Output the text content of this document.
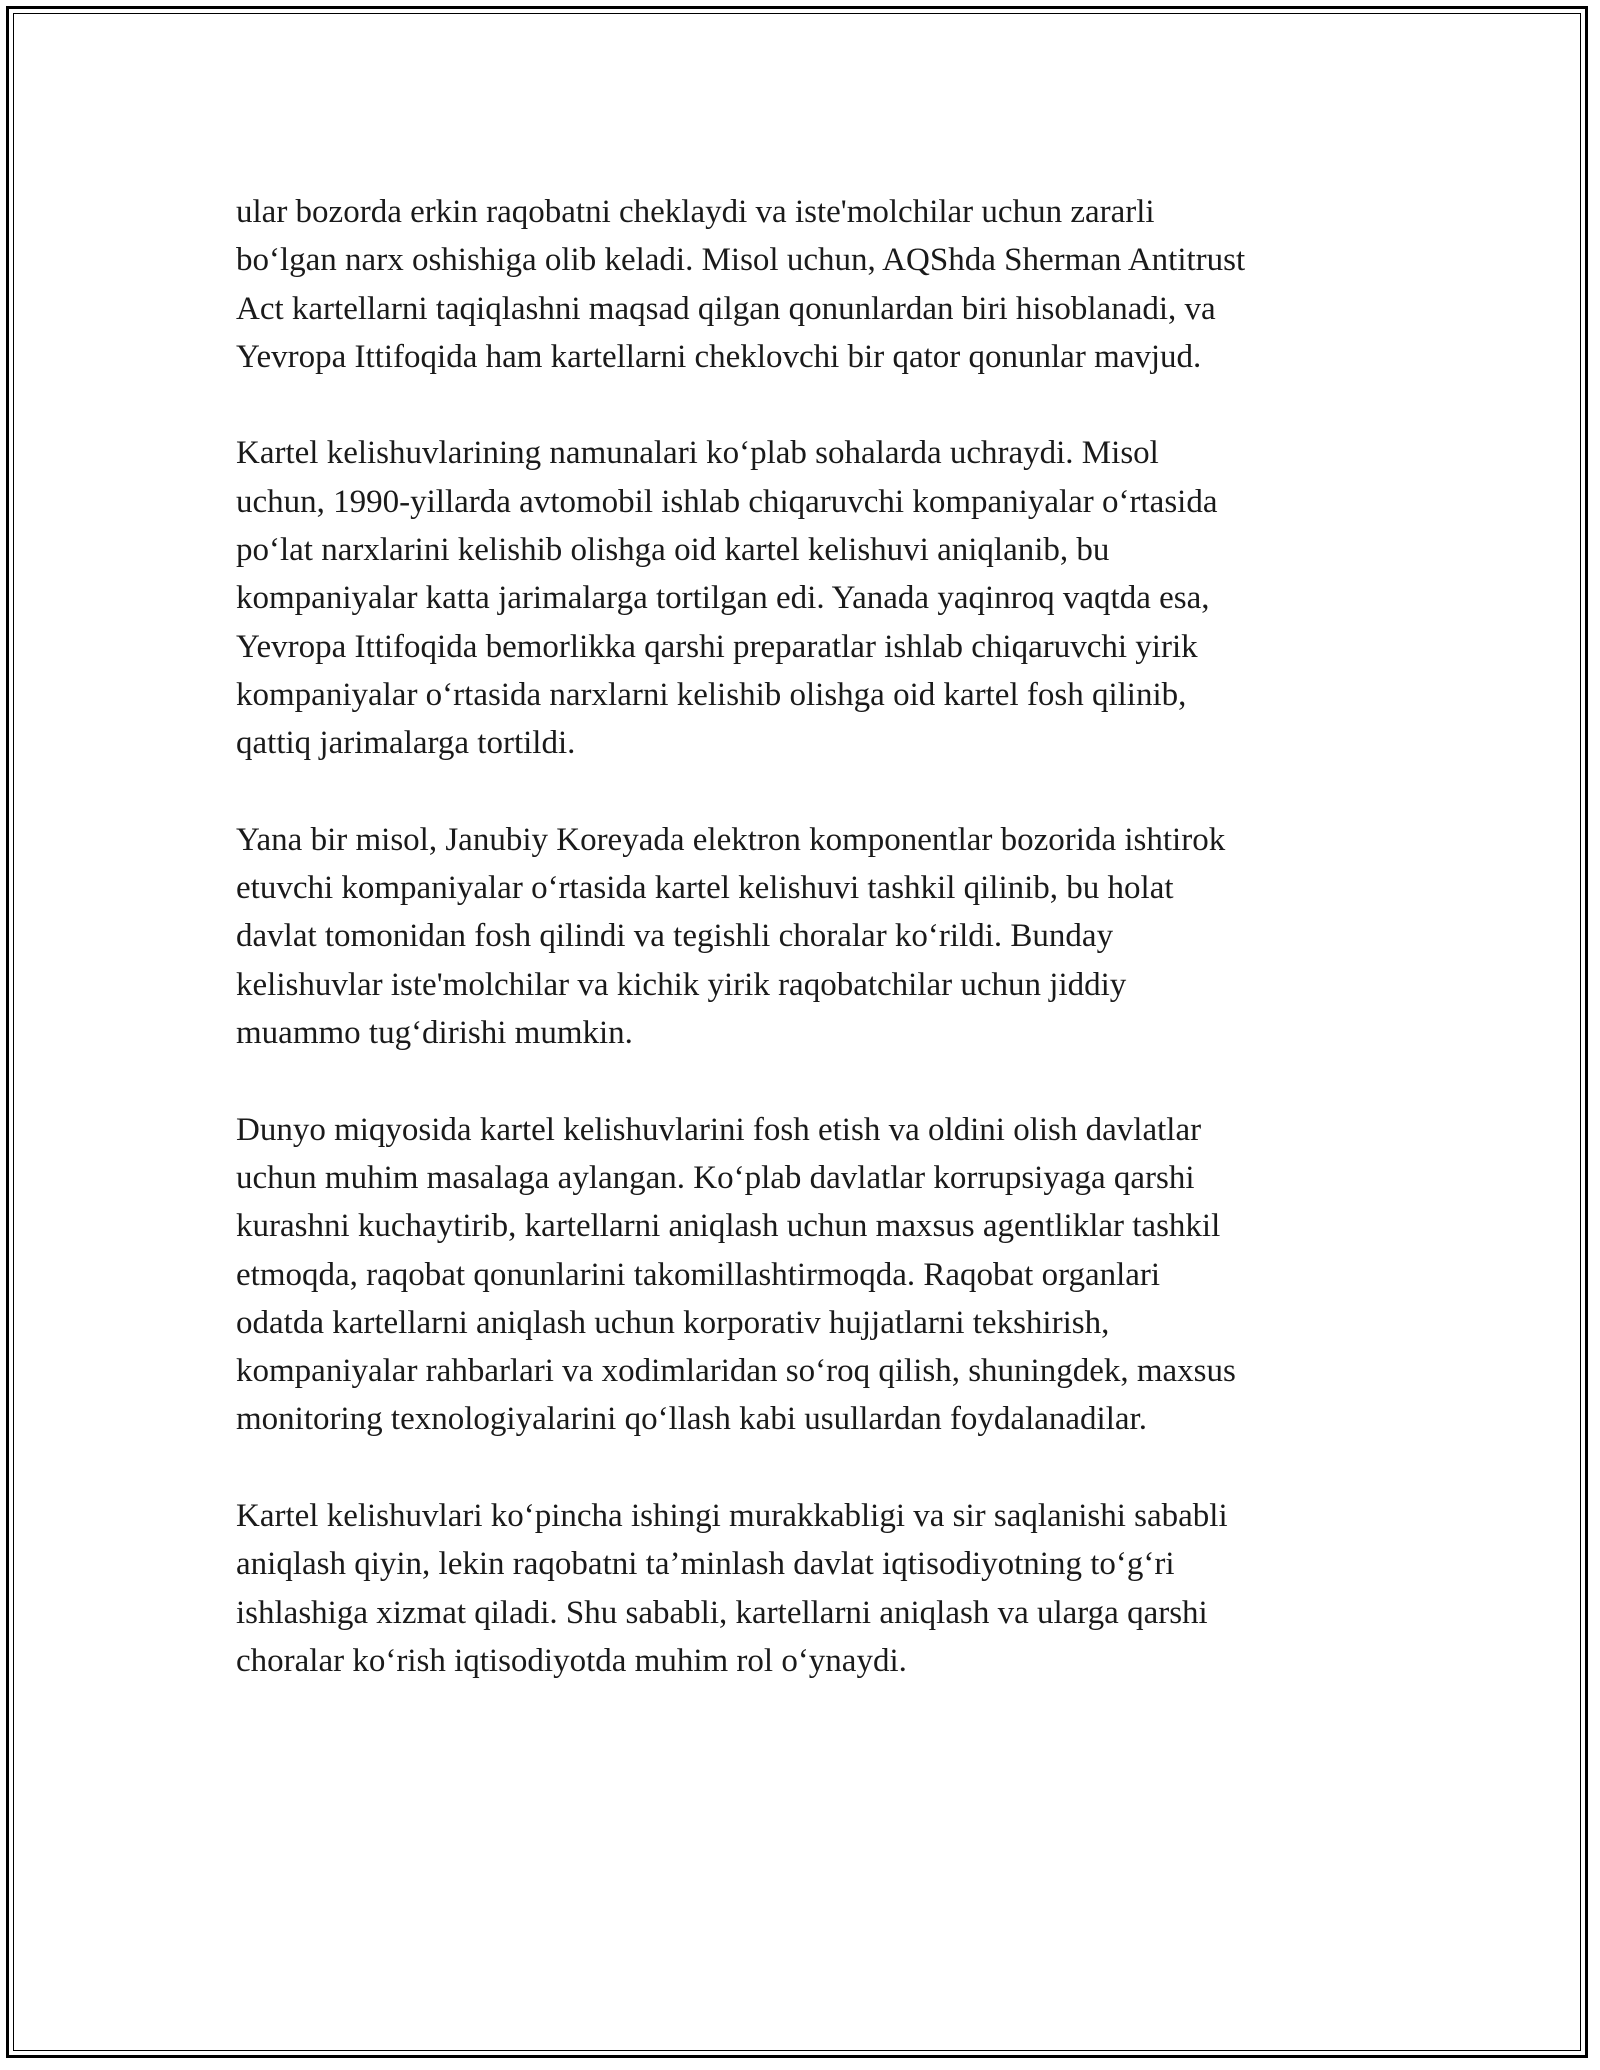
ular bozorda erkin raqobatni cheklaydi va iste'molchilar uchun zararli
bo‘lgan narx oshishiga olib keladi. Misol uchun, AQShda Sherman Antitrust
Act kartellarni taqiqlashni maqsad qilgan qonunlardan biri hisoblanadi, va
Yevropa Ittifoqida ham kartellarni cheklovchi bir qator qonunlar mavjud.

Kartel kelishuvlarining namunalari ko‘plab sohalarda uchraydi. Misol
uchun, 1990-yillarda avtomobil ishlab chiqaruvchi kompaniyalar o‘rtasida
po‘lat narxlarini kelishib olishga oid kartel kelishuvi aniqlanib, bu
kompaniyalar katta jarimalarga tortilgan edi. Yanada yaqinroq vaqtda esa,
Yevropa Ittifoqida bemorlikka qarshi preparatlar ishlab chiqaruvchi yirik
kompaniyalar o‘rtasida narxlarni kelishib olishga oid kartel fosh qilinib,
qattiq jarimalarga tortildi.

Yana bir misol, Janubiy Koreyada elektron komponentlar bozorida ishtirok
etuvchi kompaniyalar o‘rtasida kartel kelishuvi tashkil qilinib, bu holat
davlat tomonidan fosh qilindi va tegishli choralar ko‘rildi. Bunday
kelishuvlar iste'molchilar va kichik yirik raqobatchilar uchun jiddiy
muammo tug‘dirishi mumkin.

Dunyo miqyosida kartel kelishuvlarini fosh etish va oldini olish davlatlar
uchun muhim masalaga aylangan. Ko‘plab davlatlar korrupsiyaga qarshi
kurashni kuchaytirib, kartellarni aniqlash uchun maxsus agentliklar tashkil
etmoqda, raqobat qonunlarini takomillashtirmoqda. Raqobat organlari
odatda kartellarni aniqlash uchun korporativ hujjatlarni tekshirish,
kompaniyalar rahbarlari va xodimlaridan so‘roq qilish, shuningdek, maxsus
monitoring texnologiyalarini qo‘llash kabi usullardan foydalanadilar.

Kartel kelishuvlari ko‘pincha ishingi murakkabligi va sir saqlanishi sababli
aniqlash qiyin, lekin raqobatni ta’minlash davlat iqtisodiyotning to‘g‘ri
ishlashiga xizmat qiladi. Shu sababli, kartellarni aniqlash va ularga qarshi
choralar ko‘rish iqtisodiyotda muhim rol o‘ynaydi.
